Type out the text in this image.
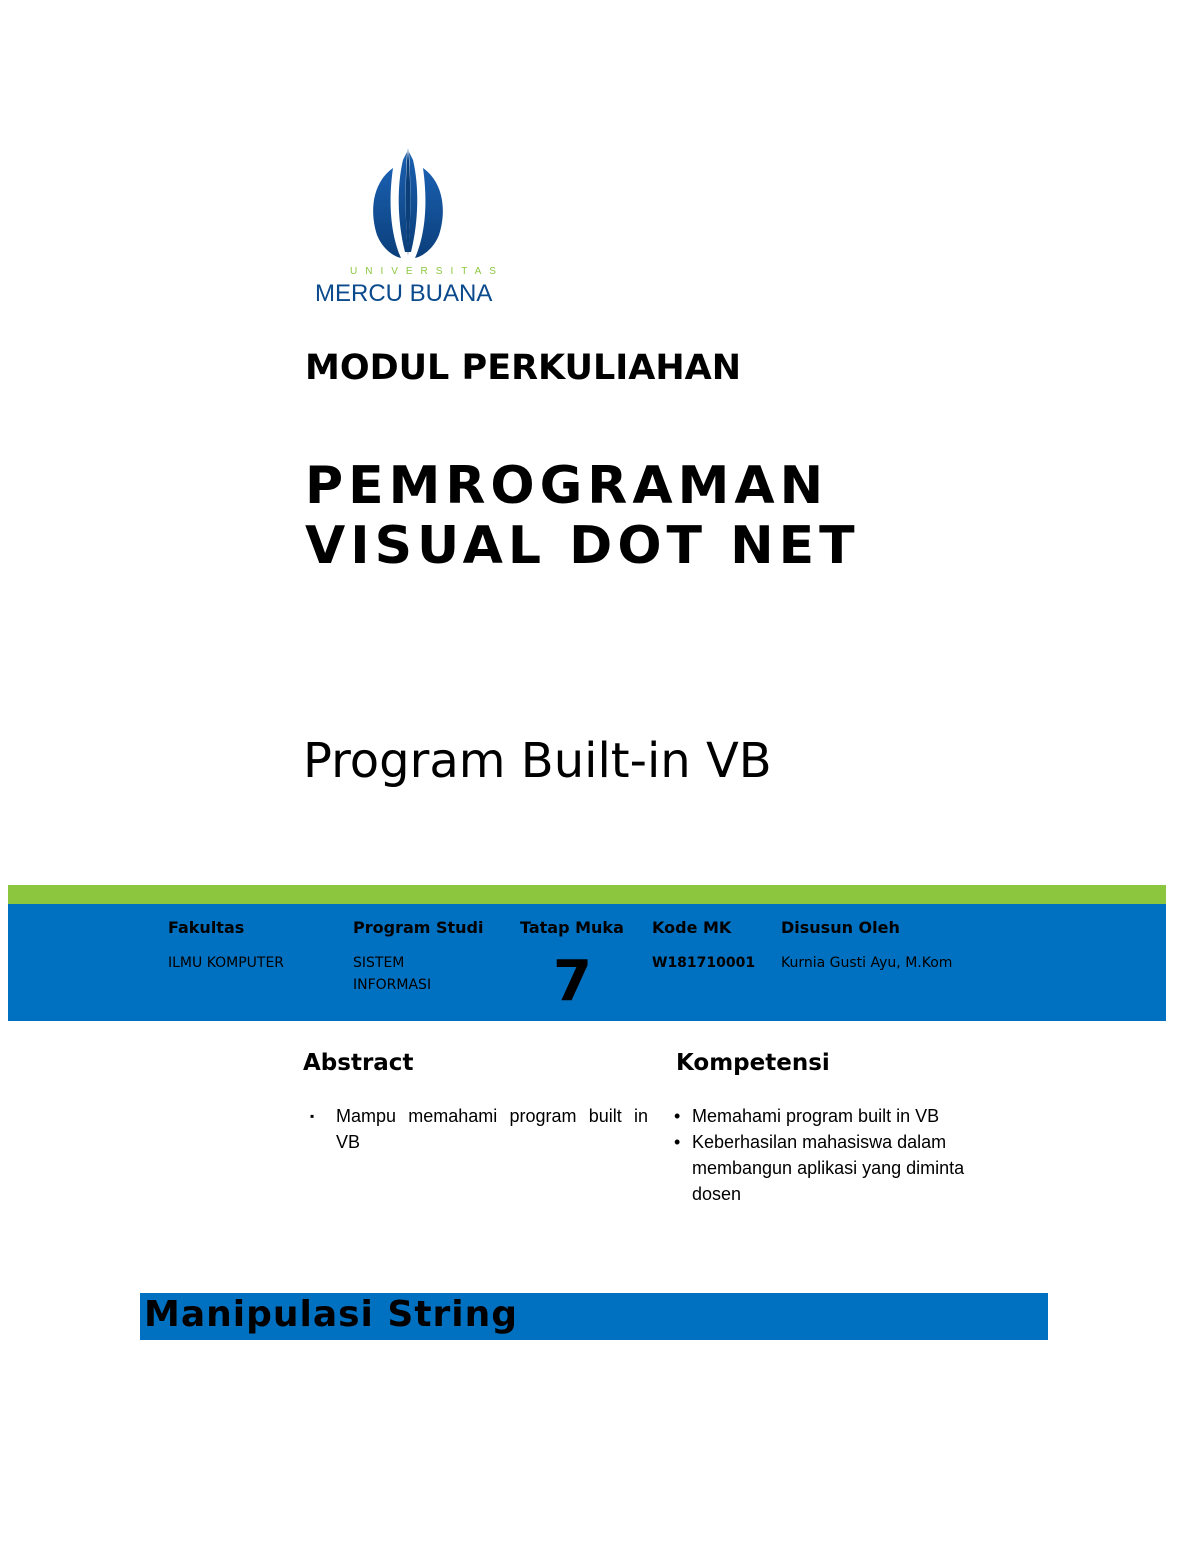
UNIVERSITAS
MERCU BUANA
MODUL PERKULIAHAN
PEMROGRAMAN
VISUAL DOT NET
Program Built-in VB
Fakultas
ILMU KOMPUTER
Program Studi
SISTEM
INFORMASI
Tatap Muka
7
Kode MK
W181710001
Disusun Oleh
Kurnia Gusti Ayu, M.Kom
Abstract
▪ Mampu memahami program built in VB
Kompetensi
• Memahami program built in VB
• Keberhasilan mahasiswa dalam membangun aplikasi yang diminta dosen
Manipulasi String
